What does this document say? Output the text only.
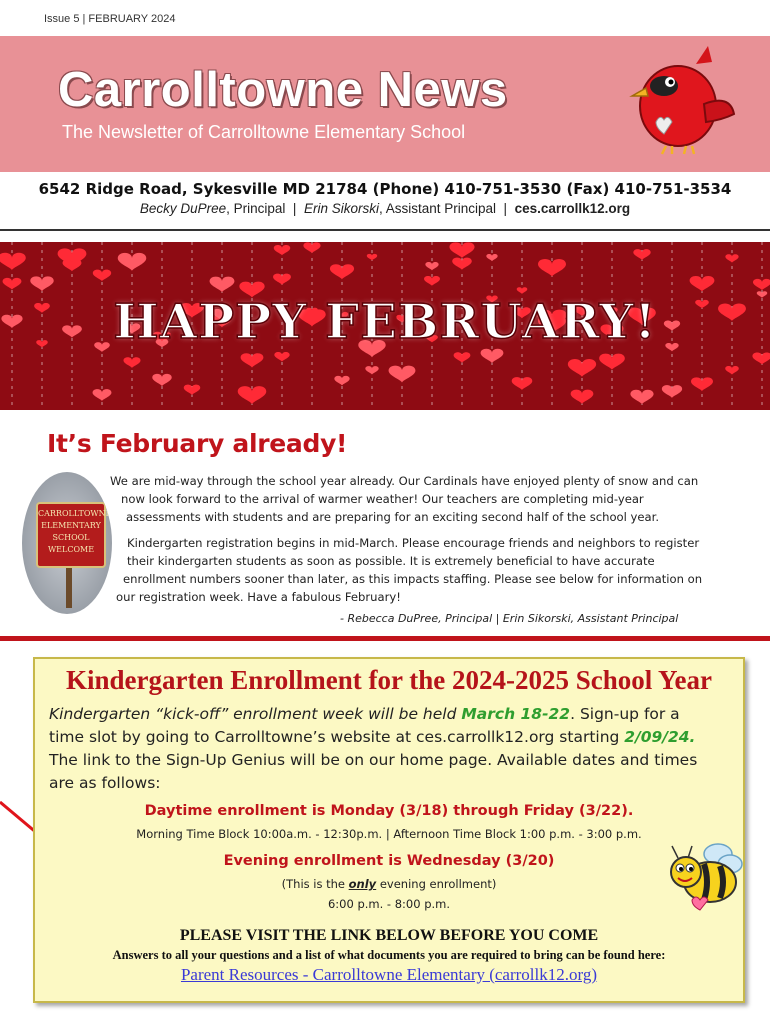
Issue 5 | FEBRUARY 2024
Carrolltowne News
The Newsletter of Carrolltowne Elementary School
6542 Ridge Road, Sykesville MD 21784 (Phone) 410-751-3530 (Fax) 410-751-3534
Becky DuPree, Principal | Erin Sikorski, Assistant Principal | ces.carrollk12.org
HAPPY FEBRUARY!
It’s February already!
CARROLLTOWNE
ELEMENTARY SCHOOL
WELCOME
We are mid-way through the school year already. Our Cardinals have enjoyed plenty of snow and can
now look forward to the arrival of warmer weather! Our teachers are completing mid-year
assessments with students and are preparing for an exciting second half of the school year.
Kindergarten registration begins in mid-March. Please encourage friends and neighbors to register
their kindergarten students as soon as possible. It is extremely beneficial to have accurate
enrollment numbers sooner than later, as this impacts staffing. Please see below for information on
our registration week. Have a fabulous February!
- Rebecca DuPree, Principal | Erin Sikorski, Assistant Principal
Kindergarten Enrollment for the 2024-2025 School Year
Kindergarten “kick-off” enrollment week will be held March 18-22. Sign-up for a time slot by going to Carrolltowne’s website at ces.carrollk12.org starting 2/09/24. The link to the Sign-Up Genius will be on our home page. Available dates and times are as follows:
Daytime enrollment is Monday (3/18) through Friday (3/22).
Morning Time Block 10:00a.m. - 12:30p.m. | Afternoon Time Block 1:00 p.m. - 3:00 p.m.
Evening enrollment is Wednesday (3/20)
(This is the only evening enrollment)
6:00 p.m. - 8:00 p.m.
PLEASE VISIT THE LINK BELOW BEFORE YOU COME
Answers to all your questions and a list of what documents you are required to bring can be found here:
Parent Resources - Carrolltowne Elementary (carrollk12.org)
